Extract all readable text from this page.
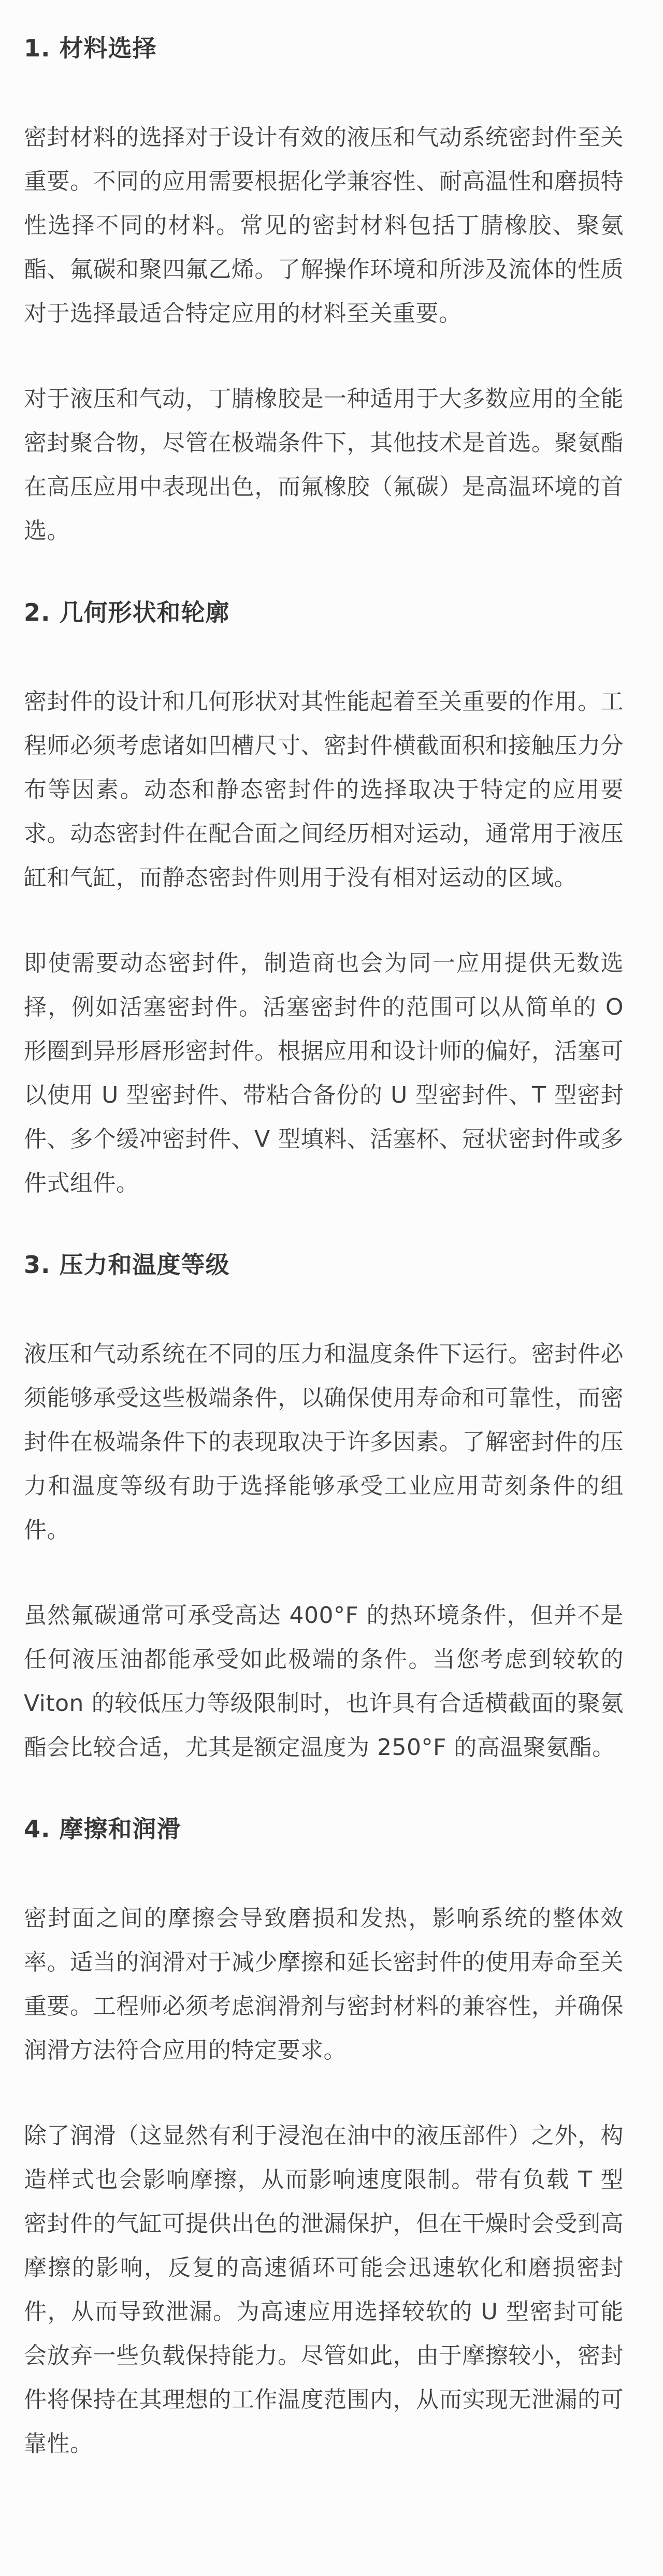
1. 材料选择

密封材料的选择对于设计有效的液压和气动系统密封件至关重要。不同的应用需要根据化学兼容性、耐高温性和磨损特性选择不同的材料。常见的密封材料包括丁腈橡胶、聚氨酯、氟碳和聚四氟乙烯。了解操作环境和所涉及流体的性质对于选择最适合特定应用的材料至关重要。

对于液压和气动，丁腈橡胶是一种适用于大多数应用的全能密封聚合物，尽管在极端条件下，其他技术是首选。聚氨酯在高压应用中表现出色，而氟橡胶（氟碳）是高温环境的首选。

2. 几何形状和轮廓

密封件的设计和几何形状对其性能起着至关重要的作用。工程师必须考虑诸如凹槽尺寸、密封件横截面积和接触压力分布等因素。动态和静态密封件的选择取决于特定的应用要求。动态密封件在配合面之间经历相对运动，通常用于液压缸和气缸，而静态密封件则用于没有相对运动的区域。

即使需要动态密封件，制造商也会为同一应用提供无数选择，例如活塞密封件。活塞密封件的范围可以从简单的 O 形圈到异形唇形密封件。根据应用和设计师的偏好，活塞可以使用 U 型密封件、带粘合备份的 U 型密封件、T 型密封件、多个缓冲密封件、V 型填料、活塞杯、冠状密封件或多件式组件。

3. 压力和温度等级

液压和气动系统在不同的压力和温度条件下运行。密封件必须能够承受这些极端条件，以确保使用寿命和可靠性，而密封件在极端条件下的表现取决于许多因素。了解密封件的压力和温度等级有助于选择能够承受工业应用苛刻条件的组件。

虽然氟碳通常可承受高达 400°F 的热环境条件，但并不是任何液压油都能承受如此极端的条件。当您考虑到较软的 Viton 的较低压力等级限制时，也许具有合适横截面的聚氨酯会比较合适，尤其是额定温度为 250°F 的高温聚氨酯。

4. 摩擦和润滑

密封面之间的摩擦会导致磨损和发热，影响系统的整体效率。适当的润滑对于减少摩擦和延长密封件的使用寿命至关重要。工程师必须考虑润滑剂与密封材料的兼容性，并确保润滑方法符合应用的特定要求。

除了润滑（这显然有利于浸泡在油中的液压部件）之外，构造样式也会影响摩擦，从而影响速度限制。带有负载 T 型密封件的气缸可提供出色的泄漏保护，但在干燥时会受到高摩擦的影响，反复的高速循环可能会迅速软化和磨损密封件，从而导致泄漏。为高速应用选择较软的 U 型密封可能会放弃一些负载保持能力。尽管如此，由于摩擦较小，密封件将保持在其理想的工作温度范围内，从而实现无泄漏的可靠性。
